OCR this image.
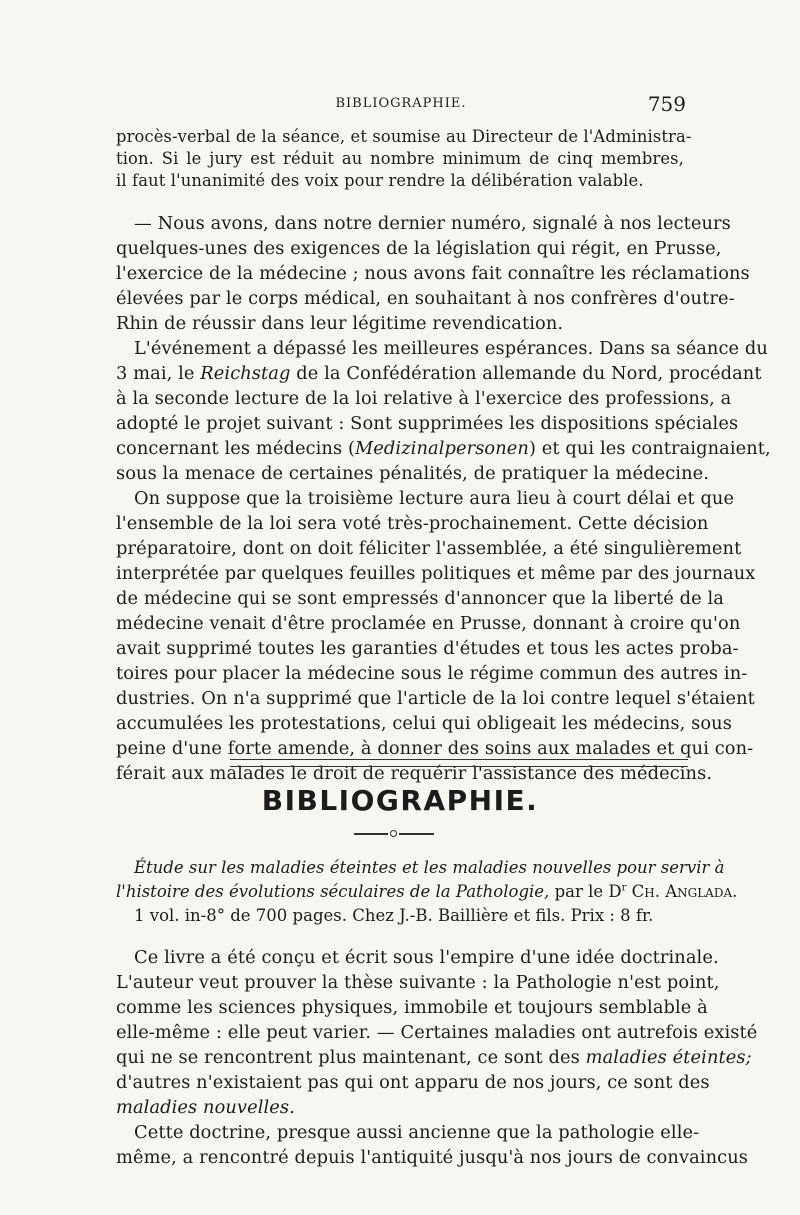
BIBLIOGRAPHIE.	759
procès-verbal de la séance, et soumise au Directeur de l'Administra-
tion. Si le jury est réduit au nombre minimum de cinq membres,
il faut l'unanimité des voix pour rendre la délibération valable.
— Nous avons, dans notre dernier numéro, signalé à nos lecteurs
quelques-unes des exigences de la législation qui régit, en Prusse,
l'exercice de la médecine ; nous avons fait connaître les réclamations
élevées par le corps médical, en souhaitant à nos confrères d'outre-
Rhin de réussir dans leur légitime revendication.
L'événement a dépassé les meilleures espérances. Dans sa séance du
3 mai, le Reichstag de la Confédération allemande du Nord, procédant
à la seconde lecture de la loi relative à l'exercice des professions, a
adopté le projet suivant : Sont supprimées les dispositions spéciales
concernant les médecins (Medizinalpersonen) et qui les contraignaient,
sous la menace de certaines pénalités, de pratiquer la médecine.
On suppose que la troisième lecture aura lieu à court délai et que
l'ensemble de la loi sera voté très-prochainement. Cette décision
préparatoire, dont on doit féliciter l'assemblée, a été singulièrement
interprétée par quelques feuilles politiques et même par des journaux
de médecine qui se sont empressés d'annoncer que la liberté de la
médecine venait d'être proclamée en Prusse, donnant à croire qu'on
avait supprimé toutes les garanties d'études et tous les actes proba-
toires pour placer la médecine sous le régime commun des autres in-
dustries. On n'a supprimé que l'article de la loi contre lequel s'étaient
accumulées les protestations, celui qui obligeait les médecins, sous
peine d'une forte amende, à donner des soins aux malades et qui con-
férait aux malades le droit de requérir l'assistance des médecins.
BIBLIOGRAPHIE.
Étude sur les maladies éteintes et les maladies nouvelles pour servir à
l'histoire des évolutions séculaires de la Pathologie, par le $D^r$ Ch. Anglada.
1 vol. in-8° de 700 pages. Chez J.-B. Baillière et fils. Prix : 8 fr.
Ce livre a été conçu et écrit sous l'empire d'une idée doctrinale.
L'auteur veut prouver la thèse suivante : la Pathologie n'est point,
comme les sciences physiques, immobile et toujours semblable à
elle-même : elle peut varier. — Certaines maladies ont autrefois existé
qui ne se rencontrent plus maintenant, ce sont des maladies éteintes;
d'autres n'existaient pas qui ont apparu de nos jours, ce sont des
maladies nouvelles.
Cette doctrine, presque aussi ancienne que la pathologie elle-
même, a rencontré depuis l'antiquité jusqu'à nos jours de convaincus
